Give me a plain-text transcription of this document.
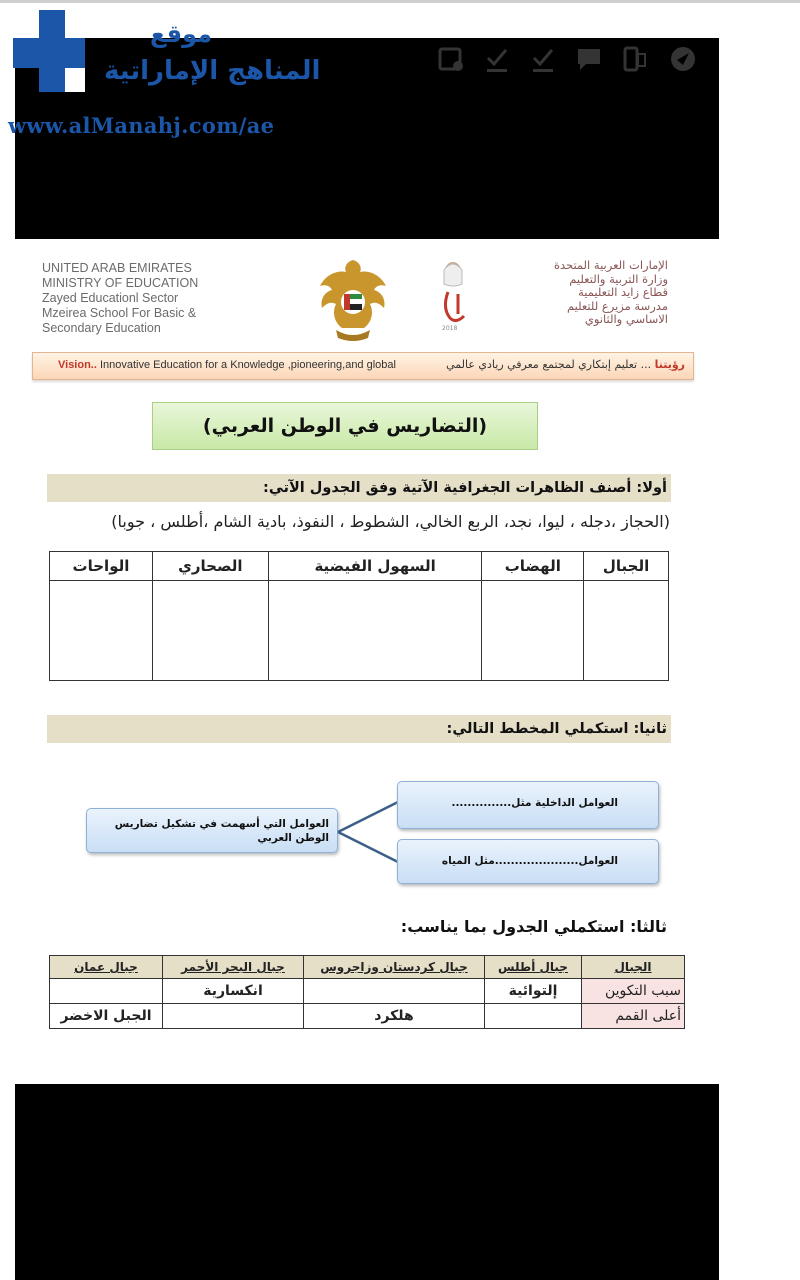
موقع
المناهج الإماراتية
www.alManahj.com/ae
UNITED ARAB EMIRATES
MINISTRY OF EDUCATION
Zayed Educationl Sector
Mzeirea School For Basic &
Secondary Education	2018
الإمارات العربية المتحدة
وزارة التربية والتعليم
قطاع زايد التعليمية
مدرسة مزيرع للتعليم
الاساسي والثانوي
Vision.. Innovative Education for a Knowledge ,pioneering,and global	رؤيتنا ... تعليم إبتكاري لمجتمع معرفي ريادي عالمي
(التضاريس في الوطن العربي)
أولا: أصنف الظاهرات الجغرافية الآتية وفق الجدول الآتي:
(الحجاز ،دجله ، ليوا، نجد، الربع الخالي، الشطوط ، النفوذ، بادية الشام ،أطلس ، جوبا)
الجبال	الهضاب	السهول الفيضية	الصحاري	الواحات

ثانيا: استكملي المخطط التالي:
العوامل التي أسهمت في تشكيل تضاريس الوطن العربي
العوامل الداخلية مثل...............
العوامل.....................مثل المياه
ثالثا: استكملي الجدول بما يناسب:
الجبال	جبال أطلس	جبال كردستان وزاجروس	جبال البحر الأحمر	جبال عمان
سبب التكوين	إلتوائية		انكسارية	
أعلى القمم		هلكرد		الجبل الاخضر
